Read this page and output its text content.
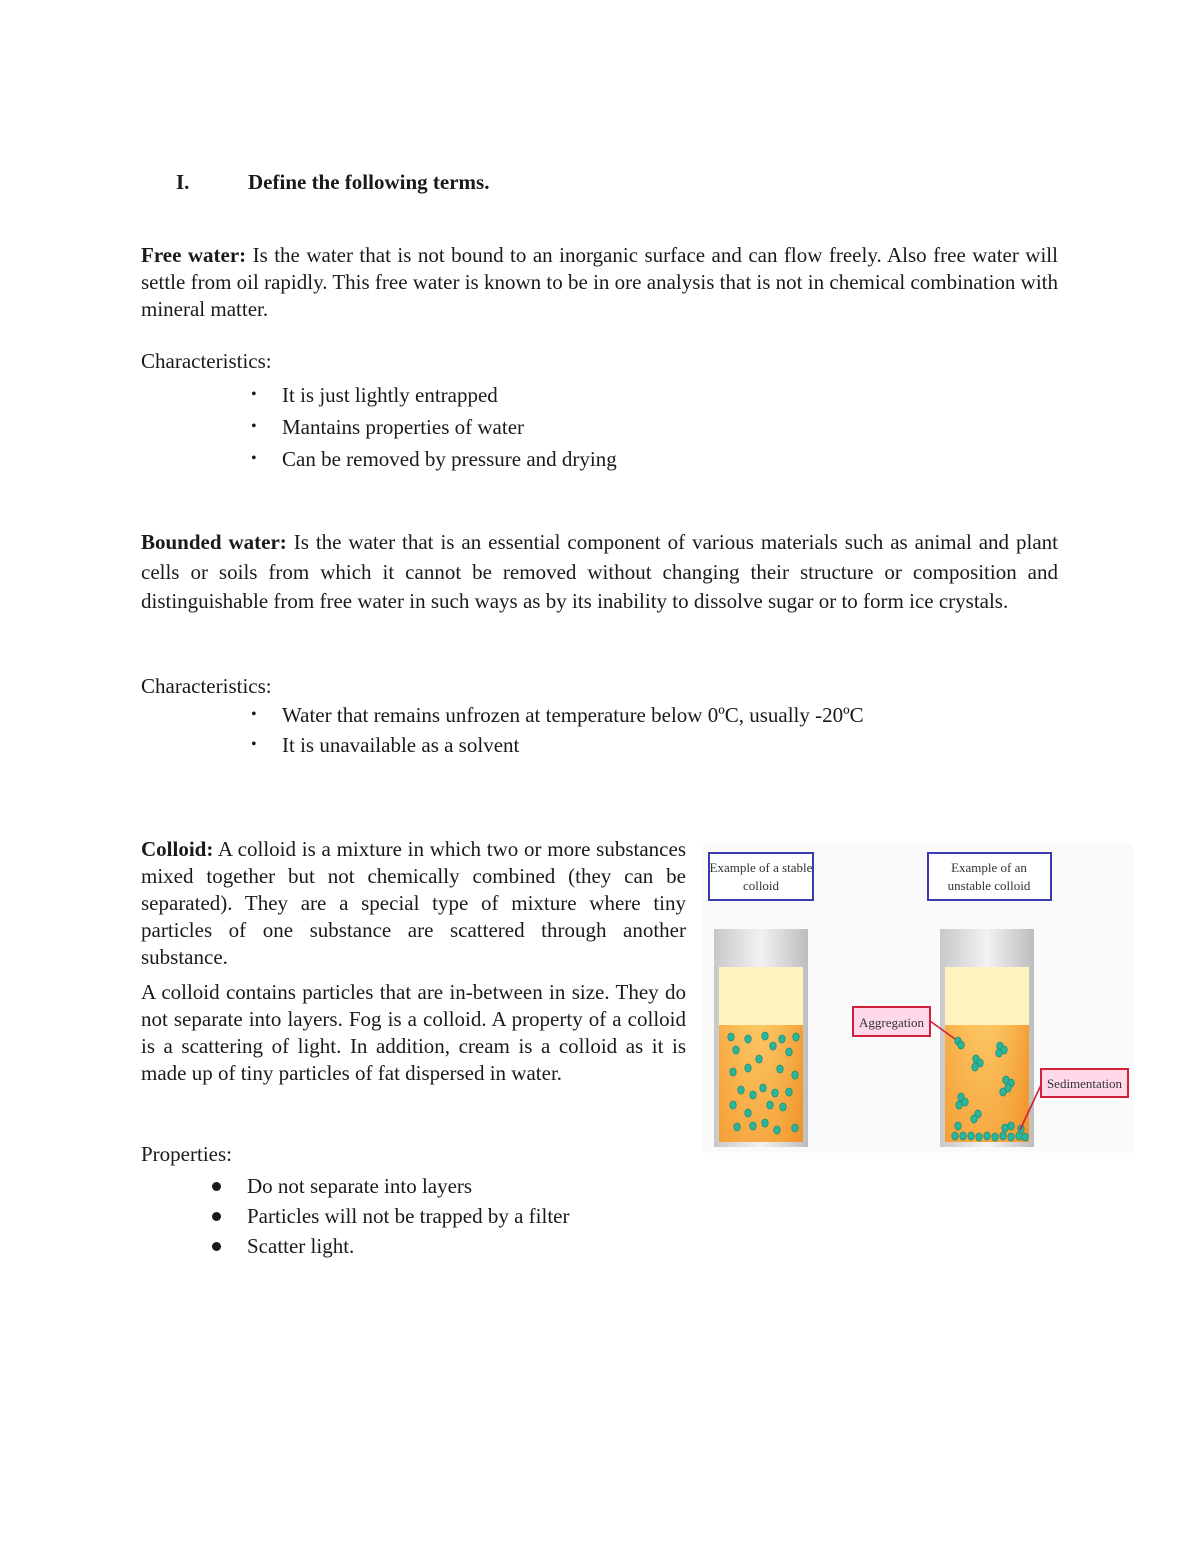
I.	Define the following terms.

Free water: Is the water that is not bound to an inorganic surface and can flow freely. Also free water will settle from oil rapidly. This free water is known to be in ore analysis that is not in chemical combination with mineral matter.

Characteristics:

• It is just lightly entrapped
• Mantains properties of water
• Can be removed by pressure and drying

Bounded water: Is the water that is an essential component of various materials such as animal and plant cells or soils from which it cannot be removed without changing their structure or composition and distinguishable from free water in such ways as by its inability to dissolve sugar or to form ice crystals.

Characteristics:

• Water that remains unfrozen at temperature below 0ºC, usually -20ºC
• It is unavailable as a solvent

Colloid: A colloid is a mixture in which two or more substances mixed together but not chemically combined (they can be separated). They are a special type of mixture where tiny particles of one substance are scattered through another substance.

A colloid contains particles that are in-between in size. They do not separate into layers. Fog is a colloid. A property of a colloid is a scattering of light. In addition, cream is a colloid as it is made up of tiny particles of fat dispersed in water.

Properties:

Do not separate into layers
Particles will not be trapped by a filter
Scatter light.
Example of a stable
colloid
Example of an
unstable colloid
Aggregation
Sedimentation
